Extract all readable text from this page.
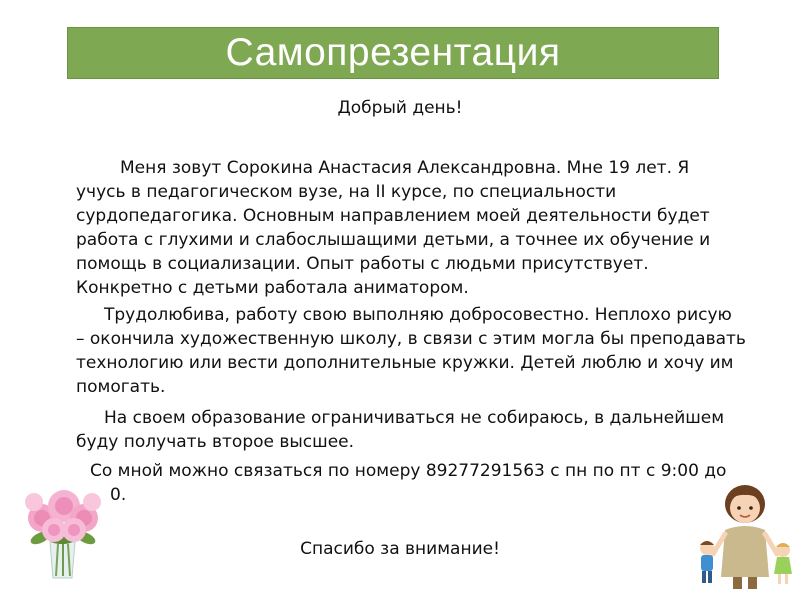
Самопрезентация
Добрый день!
Меня зовут Сорокина Анастасия Александровна. Мне 19 лет. Я
учусь в педагогическом вузе, на II курсе, по специальности
сурдопедагогика. Основным направлением моей деятельности будет
работа с глухими и слабослышащими детьми, а точнее их обучение и
помощь в социализации. Опыт работы с людьми присутствует.
Конкретно с детьми работала аниматором.
Трудолюбива, работу свою выполняю добросовестно. Неплохо рисую
– окончила художественную школу, в связи с этим могла бы преподавать
технологию или вести дополнительные кружки. Детей люблю и хочу им
помогать.
На своем образование ограничиваться не собираюсь, в дальнейшем
буду получать второе высшее.
Со мной можно связаться по номеру 89277291563 с пн по пт с 9:00 до
0.
Спасибо за внимание!
